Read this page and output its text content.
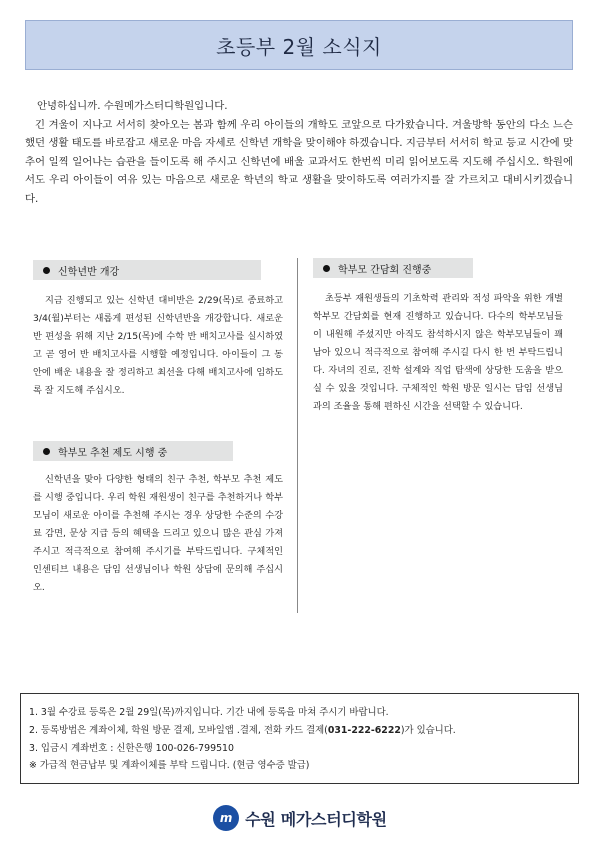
초등부 2월 소식지

안녕하십니까. 수원메가스터디학원입니다.

긴 겨울이 지나고 서서히 찾아오는 봄과 함께 우리 아이들의 개학도 코앞으로 다가왔습니다. 겨울방학 동안의 다소 느슨했던 생활 태도를 바로잡고 새로운 마음 자세로 신학년 개학을 맞이해야 하겠습니다. 지금부터 서서히 학교 등교 시간에 맞추어 일찍 일어나는 습관을 들이도록 해 주시고 신학년에 배울 교과서도 한번씩 미리 읽어보도록 지도해 주십시오. 학원에서도 우리 아이들이 여유 있는 마음으로 새로운 학년의 학교 생활을 맞이하도록 여러가지를 잘 가르치고 대비시키겠습니다.

신학년반 개강
지금 진행되고 있는 신학년 대비반은 2/29(목)로 종료하고 3/4(월)부터는 새롭게 편성된 신학년반을 개강합니다. 새로운 반 편성을 위해 지난 2/15(목)에 수학 반 배치고사를 실시하였고 곧 영어 반 배치고사를 시행할 예정입니다. 아이들이 그 동안에 배운 내용을 잘 정리하고 최선을 다해 배치고사에 임하도록 잘 지도해 주십시오.
학부모 추천 제도 시행 중
신학년을 맞아 다양한 형태의 친구 추천, 학부모 추천 제도를 시행 중입니다. 우리 학원 재원생이 친구를 추천하거나 학부모님이 새로운 아이를 추천해 주시는 경우 상당한 수준의 수강료 감면, 문상 지급 등의 혜택을 드리고 있으니 많은 관심 가져 주시고 적극적으로 참여해 주시기를 부탁드립니다. 구체적인 인센티브 내용은 담임 선생님이나 학원 상담에 문의해 주십시오.
학부모 간담회 진행중
초등부 재원생들의 기초학력 관리와 적성 파악을 위한 개별 학부모 간담회를 현재 진행하고 있습니다. 다수의 학부모님들이 내원해 주셨지만 아직도 참석하시지 않은 학부모님들이 꽤 남아 있으니 적극적으로 참여해 주시길 다시 한 번 부탁드립니다. 자녀의 진로, 진학 설계와 직업 탐색에 상당한 도움을 받으실 수 있을 것입니다. 구체적인 학원 방문 일시는 담임 선생님과의 조율을 통해 편하신 시간을 선택할 수 있습니다.
1. 3월 수강료 등록은 2월 29일(목)까지입니다. 기간 내에 등록을 마쳐 주시기 바랍니다.
2. 등록방법은 계좌이체, 학원 방문 결제, 모바일앱 .결제, 전화 카드 결제(031-222-6222)가 있습니다.
3. 입금시 계좌번호 : 신한은행 100-026-799510
※ 가급적 현금납부 및 계좌이체를 부탁 드립니다. (현금 영수증 발급)
m 수원 메가스터디학원
